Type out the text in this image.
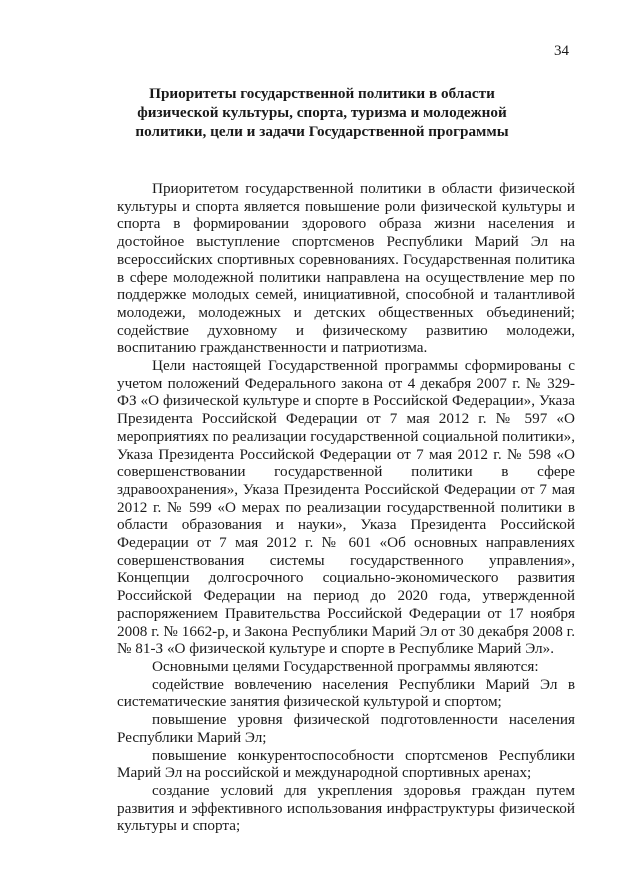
34
Приоритеты государственной политики в области физической культуры, спорта, туризма и молодежной политики, цели и задачи Государственной программы

Приоритетом государственной политики в области физической культуры и спорта является повышение роли физической культуры и спорта в формировании здорового образа жизни населения и достойное выступление спортсменов Республики Марий Эл на всероссийских спортивных соревнованиях. Государственная политика в сфере молодежной политики направлена на осуществление мер по поддержке молодых семей, инициативной, способной и талантливой молодежи, молодежных и детских общественных объединений; содействие духовному и физическому развитию молодежи, воспитанию гражданственности и патриотизма.

Цели настоящей Государственной программы сформированы с учетом положений Федерального закона от 4 декабря 2007 г. № 329-ФЗ «О физической культуре и спорте в Российской Федерации», Указа Президента Российской Федерации от 7 мая 2012 г. № 597 «О мероприятиях по реализации государственной социальной политики», Указа Президента Российской Федерации от 7 мая 2012 г. № 598 «О совершенствовании государственной политики в сфере здравоохранения», Указа Президента Российской Федерации от 7 мая 2012 г. № 599 «О мерах по реализации государственной политики в области образования и науки», Указа Президента Российской Федерации от 7 мая 2012 г. № 601 «Об основных направлениях совершенствования системы государственного управления», Концепции долгосрочного социально-экономического развития Российской Федерации на период до 2020 года, утвержденной распоряжением Правительства Российской Федерации от 17 ноября 2008 г. № 1662-р, и Закона Республики Марий Эл от 30 декабря 2008 г. № 81-З «О физической культуре и спорте в Республике Марий Эл».

Основными целями Государственной программы являются:

содействие вовлечению населения Республики Марий Эл в систематические занятия физической культурой и спортом;

повышение уровня физической подготовленности населения Республики Марий Эл;

повышение конкурентоспособности спортсменов Республики Марий Эл на российской и международной спортивных аренах;

создание условий для укрепления здоровья граждан путем развития и эффективного использования инфраструктуры физической культуры и спорта;
